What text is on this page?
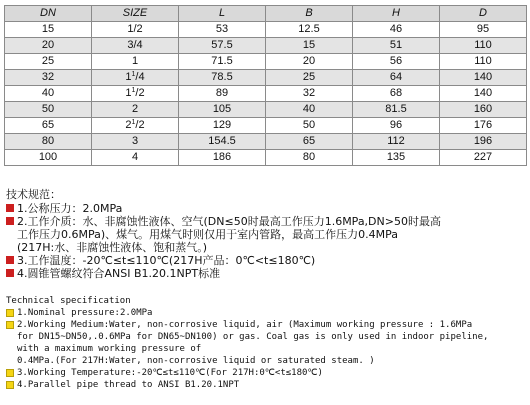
DN	SIZE	L	B	H	D
15	1/2	53	12.5	46	95
20	3/4	57.5	15	51	110
25	1	71.5	20	56	110
32	$1^1/4$	78.5	25	64	140
40	$1^1/2$	89	32	68	140
50	2	105	40	81.5	160
65	$2^1/2$	129	50	96	176
80	3	154.5	65	112	196
100	4	186	80	135	227
技术规范：
1.公称压力：2.0MPa
2.工作介质：水、非腐蚀性液体、空气(DN≤50时最高工作压力1.6MPa,DN>50时最高
工作压力0.6MPa)、煤气。用煤气时则仅用于室内管路，最高工作压力0.4MPa
(217H:水、非腐蚀性液体、饱和蒸气。)
3.工作温度：-20℃≤t≤110℃(217H产品：0℃<t≤180℃)
4.圆锥管螺纹符合ANSI B1.20.1NPT标准
Technical specification
1.Nominal pressure:2.0MPa
2.Working Medium:Water, non-corrosive liquid, air (Maximum working pressure : 1.6MPa
for DN15~DN50,.0.6MPa for DN65~DN100) or gas. Coal gas is only used in indoor pipeline,
with a maximum working pressure of
0.4MPa.(For 217H:Water, non-corrosive liquid or saturated steam. )
3.Working Temperature:-20℃≤t≤110℃(For 217H:0℃<t≤180℃)
4.Parallel pipe thread to ANSI B1.20.1NPT
